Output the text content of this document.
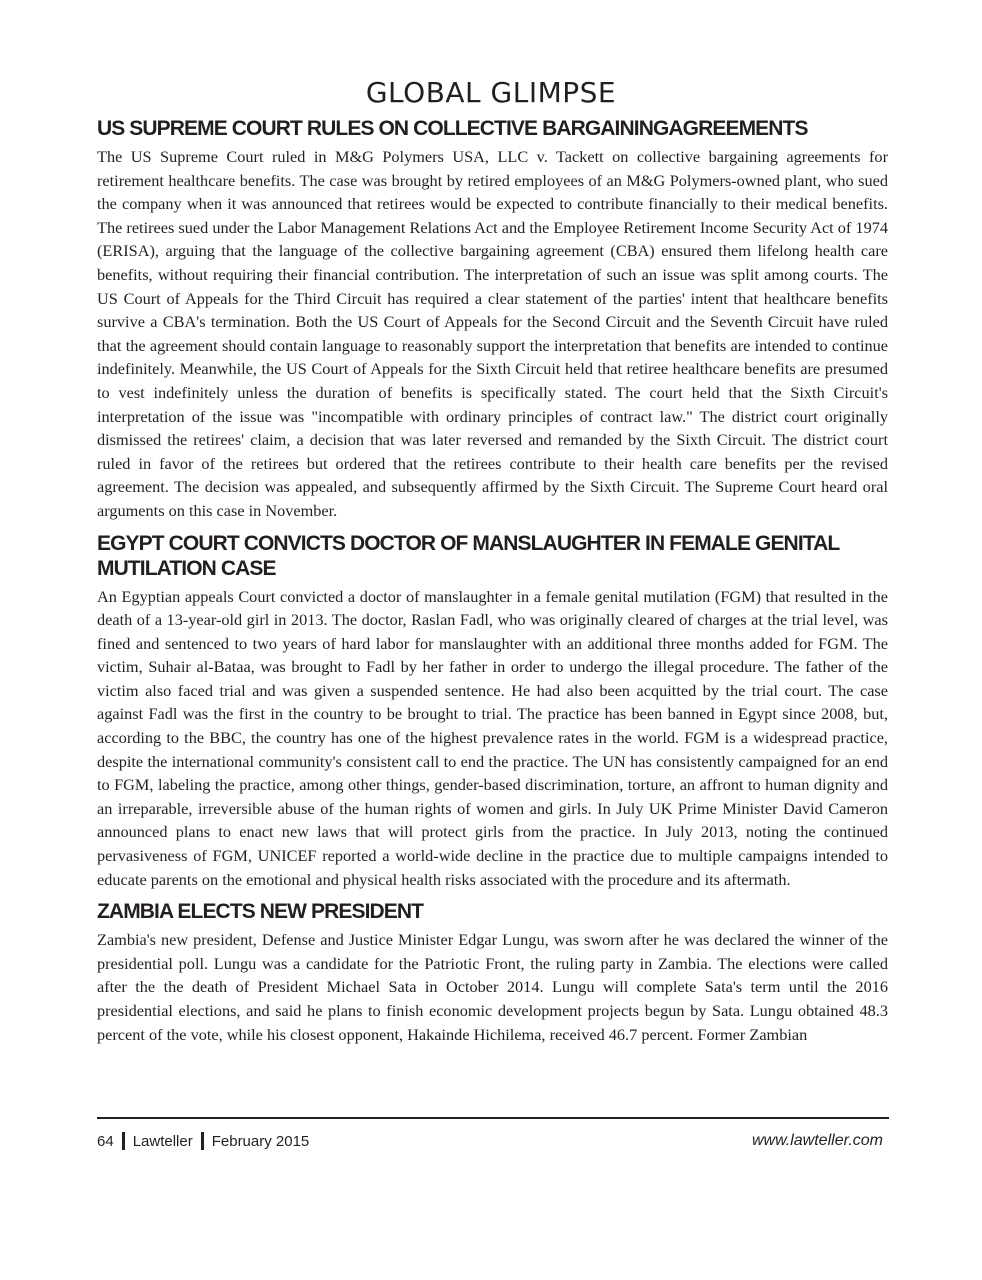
GLOBAL GLIMPSE
US SUPREME COURT RULES ON COLLECTIVE BARGAININGAGREEMENTS

The US Supreme Court ruled in M&G Polymers USA, LLC v. Tackett on collective bargaining agreements for retirement healthcare benefits. The case was brought by retired employees of an M&G Polymers-owned plant, who sued the company when it was announced that retirees would be expected to contribute financially to their medical benefits. The retirees sued under the Labor Management Relations Act and the Employee Retirement Income Security Act of 1974 (ERISA), arguing that the language of the collective bargaining agreement (CBA) ensured them lifelong health care benefits, without requiring their financial contribution. The interpretation of such an issue was split among courts. The US Court of Appeals for the Third Circuit has required a clear statement of the parties' intent that healthcare benefits survive a CBA's termination. Both the US Court of Appeals for the Second Circuit and the Seventh Circuit have ruled that the agreement should contain language to reasonably support the interpretation that benefits are intended to continue indefinitely. Meanwhile, the US Court of Appeals for the Sixth Circuit held that retiree healthcare benefits are presumed to vest indefinitely unless the duration of benefits is specifically stated. The court held that the Sixth Circuit's interpretation of the issue was "incompatible with ordinary principles of contract law." The district court originally dismissed the retirees' claim, a decision that was later reversed and remanded by the Sixth Circuit. The district court ruled in favor of the retirees but ordered that the retirees contribute to their health care benefits per the revised agreement. The decision was appealed, and subsequently affirmed by the Sixth Circuit. The Supreme Court heard oral arguments on this case in November.

EGYPT COURT CONVICTS DOCTOR OF MANSLAUGHTER IN FEMALE GENITAL MUTILATION CASE

An Egyptian appeals Court convicted a doctor of manslaughter in a female genital mutilation (FGM) that resulted in the death of a 13-year-old girl in 2013. The doctor, Raslan Fadl, who was originally cleared of charges at the trial level, was fined and sentenced to two years of hard labor for manslaughter with an additional three months added for FGM. The victim, Suhair al-Bataa, was brought to Fadl by her father in order to undergo the illegal procedure. The father of the victim also faced trial and was given a suspended sentence. He had also been acquitted by the trial court. The case against Fadl was the first in the country to be brought to trial. The practice has been banned in Egypt since 2008, but, according to the BBC, the country has one of the highest prevalence rates in the world. FGM is a widespread practice, despite the international community's consistent call to end the practice. The UN has consistently campaigned for an end to FGM, labeling the practice, among other things, gender-based discrimination, torture, an affront to human dignity and an irreparable, irreversible abuse of the human rights of women and girls. In July UK Prime Minister David Cameron announced plans to enact new laws that will protect girls from the practice. In July 2013, noting the continued pervasiveness of FGM, UNICEF reported a world-wide decline in the practice due to multiple campaigns intended to educate parents on the emotional and physical health risks associated with the procedure and its aftermath.

ZAMBIA ELECTS NEW PRESIDENT

Zambia's new president, Defense and Justice Minister Edgar Lungu, was sworn after he was declared the winner of the presidential poll. Lungu was a candidate for the Patriotic Front, the ruling party in Zambia. The elections were called after the the death of President Michael Sata in October 2014. Lungu will complete Sata's term until the 2016 presidential elections, and said he plans to finish economic development projects begun by Sata. Lungu obtained 48.3 percent of the vote, while his closest opponent, Hakainde Hichilema, received 46.7 percent. Former Zambian

64 Lawteller February 2015	www.lawteller.com
